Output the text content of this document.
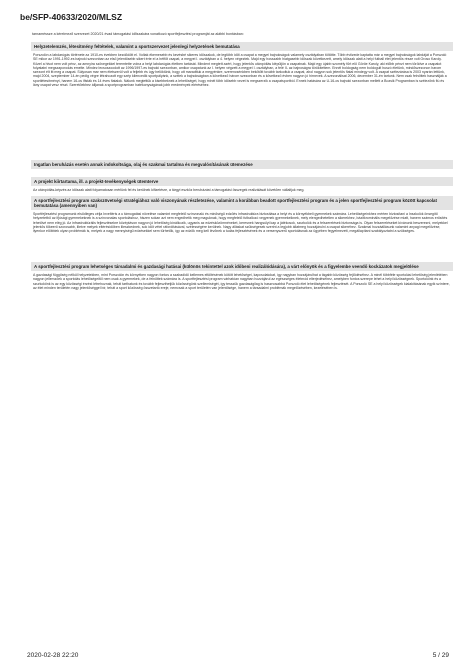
be/SFP-40633/2020/MLSZ
tarnaméssze a kérelmező szervezet 2020/21 évad támogatási időszakára vonatkozó sportfejlesztési programját az alábbi bontásban:
Helyzetelemzés, létesítmény feltételek, valamint a sportszervezet jelenlegi helyzetének bemutatása
Porszolón a labdarúgás története az 1910-es években kezdődött el. Voltak ékemesebb és kevésbé sikeres időszakok, de legtöbb időt a csapat a megyei bajnokságok valamely osztályában töltötte. Több évtizede kaptatta már a megyei bajnokságok labdáját a Porszoló SE mikor az 1991-1992-es bajnoki szezonban az első jelentősebb sikert érte el a hétfőt csapat, a megyei I. osztályban a 4. helyen végeztek. Majd egy hosszabb hiatgasebb időszak következett, amely időszak alatt a helyi futball élet jelentős része volt Oroso Karoly. Közel a hivot nem volt pénz, az amnyira szövegekkel teremtette volna a helyi labdarúgás életben tartását. Mindent megtett azért, hogy jelentős utánpótlás kiépüljön a csapatnak. Majd egy újabb szomély fűrt elő Göröe Karoly, aki előbb pénzt nem törődve a csapatot folyatatni megszaporodás emelte. Mindez lecsoszoodott az 1996/1997-es bajnoki szezonban, amikor csapatunk az I. helyen végzett a megyei I. osztályban, a felé II- az bajnoságra törökítettem. Ennél boldogság nem boldogult huszó életünk, mindőszezonon harom szezont élt itt meg a csapat. Súlyosan mar nem életszerül volt a feljebb és úgy belöktünk, hogy utt maradttuk a megyénkre, szerencsénkben bekötött tovább tarkodtuk a csapat, ahol nagyon sok jelentős fiatal mindegy volt. A csapat szélezárása is 2003 nyarán lettünk, majd 2004, szeptember 14-én pedig végre létrahozott egy szép kilencedik sportpályánk, a szélek a bajnokságban a következő három szezonban és a következő évben nagyon jó hírnevek. A szezonálisat 2006, december 31-én tartunk. Nem csak felnőttek használják a sportlétesítményt, hanem 16-os ifisták és 14 éves fiatalok. Nálunk megtettük a kisebbeknek a lehetőséget, hogy minél több idősebb vezet is megszerzik a csapatsportból. Ennek hatására az U-16-os bajnoki szezonban mellett a Bozsik Programban is szélezőnk fiú és lány csapat vesz részt. Szeretőekhez álljanak a sportprogramban hatékonyságának jobb eredmények eléréséhez.
Ingatlan beruházás esetén annak indokoltsága, olaj és szakmai tartalma és megvalósításának ütemezése
A projekt kiírtartama, ill. a projekt-tevékenységek ütemterve
Az utánpótlás-képzés az időszak alatt folyamatosan mérlünk fel és kerülnek kifizetésre, a tárgyi eszköz beruházást a támogatási összegek realizálását követően vállaltjuk meg.
A sportfejlesztési program szakszövetségi stratégiához való viszonyának részletezése, valamint a korábban beadott sportfejlesztési program és a jelen sportfejlesztési program között kapcsolat bemutatása (amennyiben van)
Sportfejlesztési programunk elsődleges célja Inveltéris a u támogatási növelése valamint megfelelő színvonalú és minőségű edzőés infrastruktúra biztosítása a helyi és a környékbeli gyermekek számára. Lehetőségeinkhez mérten biztosítani a Inszkolók önsegítő helyzetetbő az ifjúsági gyermekeknek is a színvonalas sportoláshoz, hiszen sokan azt nem engedhetik meg maguknak, hogy megfelelő futballozó vegyenek gyermekeiknek, mely elengedhetetlen a sikerekhez, bázitkrominális megelőzése miatt, hanem számos erősítés lehetővé nem elég jó. Az infrastruktúrális fejlesztésekre középtávon nagyon jó lehetőség kínálkozik, ugyanis az edzésközömnéneket, keresnek hangsúlyt kap a játékosok, szurkolók és a felszerelések biztonsága is. Olyan felszereléseket kívánunk beszerezni, melyekkel jelentős tőkeerő szorosabb, illetve melyek eltérésidőben illeszkednek, sok időt vétel ráfordításával, szélességére kerülnek. Nagy álláskat szükségesek szerint a legjobb állatmeg hozzájárulni a csapat sikeréhez. Szakmai hozzáállásunk valamint anyagi megelőzése, ilyenkor előbbiek olyan problémák is, melyek a nagy mennyiségű edzésekkel sem tűrhetők, így az edzők meg kell lévőnek a tudás fejlesztésének és a versenyszerű sportolásnak az ügyében fegyelmezett, megállapítani szabályoztatni a szükséges.
A sportfejlesztési program lehetséges társadalmi és gazdasági hatásai (különös tekintettel azok időbeni realizálódására), a várt előnyök és a figyelembe veendő kockázatok megjelölése
A gazdasági függőség nélkül helyzetekben, mint Porszolón és környéken nagyon fontos a szabadidő kellemes eltöltésének kötött lehetőségei, kapcsolatokat, így nagyban hozzájárulhat a tágabb közösség fejlődéséhez. A minél többféle sportolási lehetőség jelenlétében nagyon jellemzőek a sportolás lehetőségeitől nem csak a gyermekek, de a felnőttek számára is. A sportfejlesztési program várhatóan nagyban hozzájárul az egészséges életmód elterjedéséhez, amelyben fontos szerepe lehet a helyi közösségnek. Sportolóink és a szurkolóink is az egy közösségi érzést létrehoznak, tehát tarthatunk és tovább fejleszthetjük közösségünk szellemiségét, így tesszük gazdaságilag is hasznosabbá Porszoló élet lehetőségének fejlesztését. A Porszoló SE a helyi közösségek kialakításának egyik színtere, az élet minden területén nagy jelentőséggel bír, tehát a sport közösség összetartó ereje, nemcsak a sport területén van jelentősége, hanem a társadalmi problémák megelőzésében, kezelésében is.
2020-02-28 22:20	5 / 29
